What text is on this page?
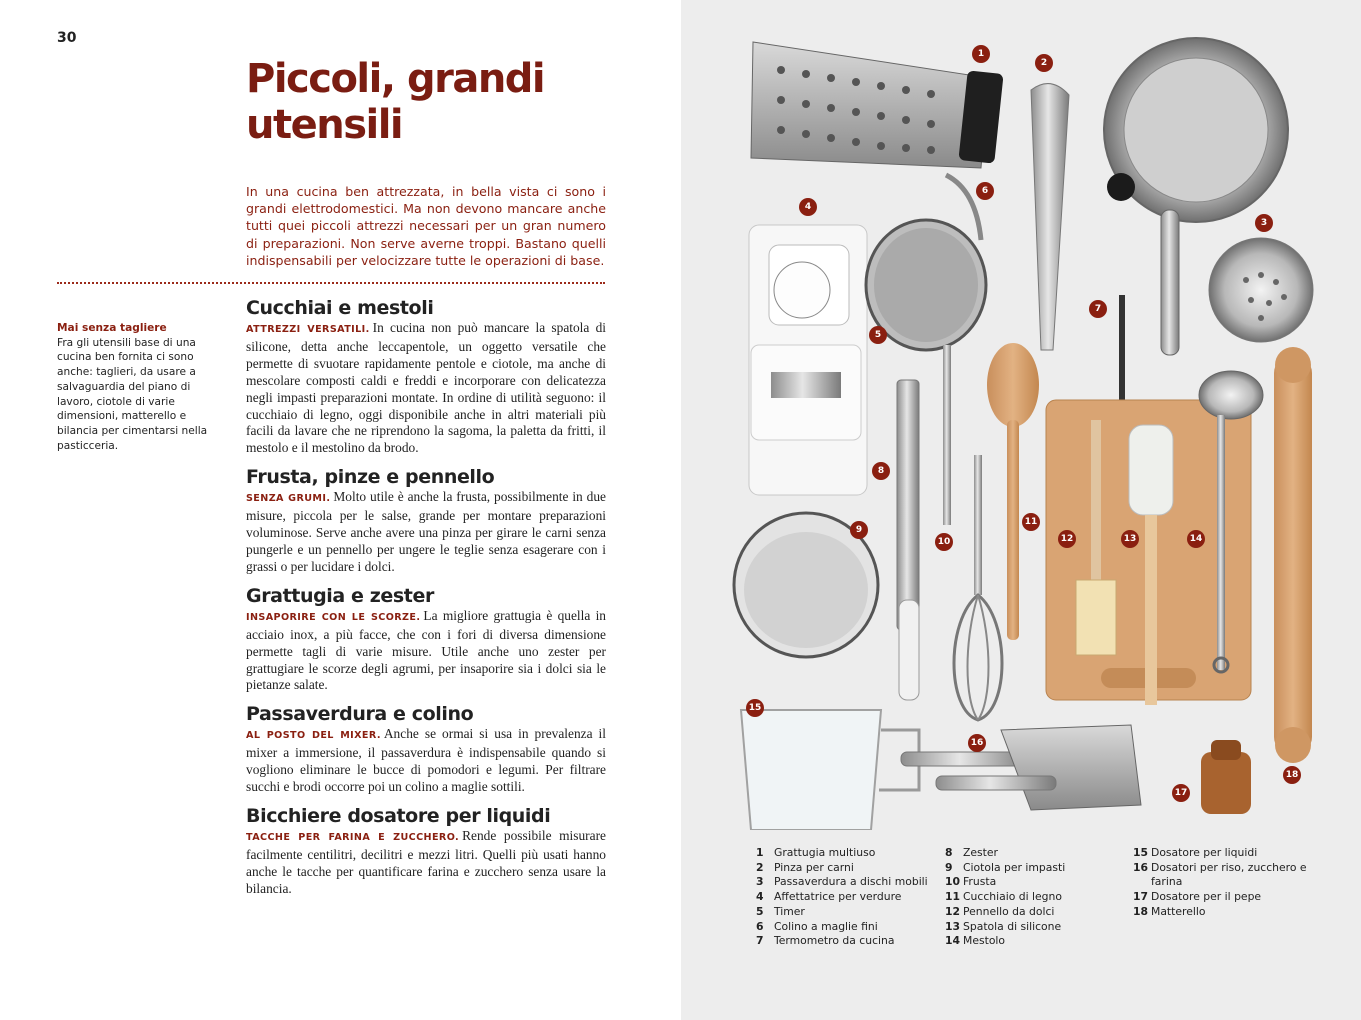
30
Piccoli, grandi
utensili

In una cucina ben attrezzata, in bella vista ci sono i grandi elettrodomestici. Ma non devono mancare anche tutti quei piccoli attrezzi necessari per un gran numero di preparazioni. Non serve averne troppi. Bastano quelli indispensabili per velocizzare tutte le operazioni di base.

Mai senza tagliere
Fra gli utensili base di una cucina ben fornita ci sono anche: taglieri, da usare a salvaguardia del piano di lavoro, ciotole di varie dimensioni, matterello e bilancia per cimentarsi nella pasticceria.
Cucchiai e mestoli

ATTREZZI VERSATILI. In cucina non può mancare la spatola di silicone, detta anche leccapentole, un oggetto versatile che permette di svuotare rapidamente pentole e ciotole, ma anche di mescolare composti caldi e freddi e incorporare con delicatezza negli impasti preparazioni montate. In ordine di utilità seguono: il cucchiaio di legno, oggi disponibile anche in altri materiali più facili da lavare che ne riprendono la sagoma, la paletta da fritti, il mestolo e il mestolino da brodo.

Frusta, pinze e pennello

SENZA GRUMI. Molto utile è anche la frusta, possibilmente in due misure, piccola per le salse, grande per montare preparazioni voluminose. Serve anche avere una pinza per girare le carni senza pungerle e un pennello per ungere le teglie senza esagerare con i grassi o per lucidare i dolci.

Grattugia e zester

INSAPORIRE CON LE SCORZE. La migliore grattugia è quella in acciaio inox, a più facce, che con i fori di diversa dimensione permette tagli di varie misure. Utile anche uno zester per grattugiare le scorze degli agrumi, per insaporire sia i dolci sia le pietanze salate.

Passaverdura e colino

AL POSTO DEL MIXER. Anche se ormai si usa in prevalenza il mixer a immersione, il passaverdura è indispensabile quando si vogliono eliminare le bucce di pomodori e legumi. Per filtrare succhi e brodi occorre poi un colino a maglie sottili.

Bicchiere dosatore per liquidi

TACCHE PER FARINA E ZUCCHERO. Rende possibile misurare facilmente centilitri, decilitri e mezzi litri. Quelli più usati hanno anche le tacche per quantificare farina e zucchero senza usare la bilancia.

1
2
3
4
5
6
7
8
9
10
11
12	13	14
15
16
17
18
1 Grattugia multiuso
2 Pinza per carni
3 Passaverdura a dischi mobili
4 Affettatrice per verdure
5 Timer
6 Colino a maglie fini
7 Termometro da cucina
8 Zester
9 Ciotola per impasti
10 Frusta
11 Cucchiaio di legno
12 Pennello da dolci
13 Spatola di silicone
14 Mestolo
15 Dosatore per liquidi
16 Dosatori per riso, zucchero e farina
17 Dosatore per il pepe
18 Matterello
